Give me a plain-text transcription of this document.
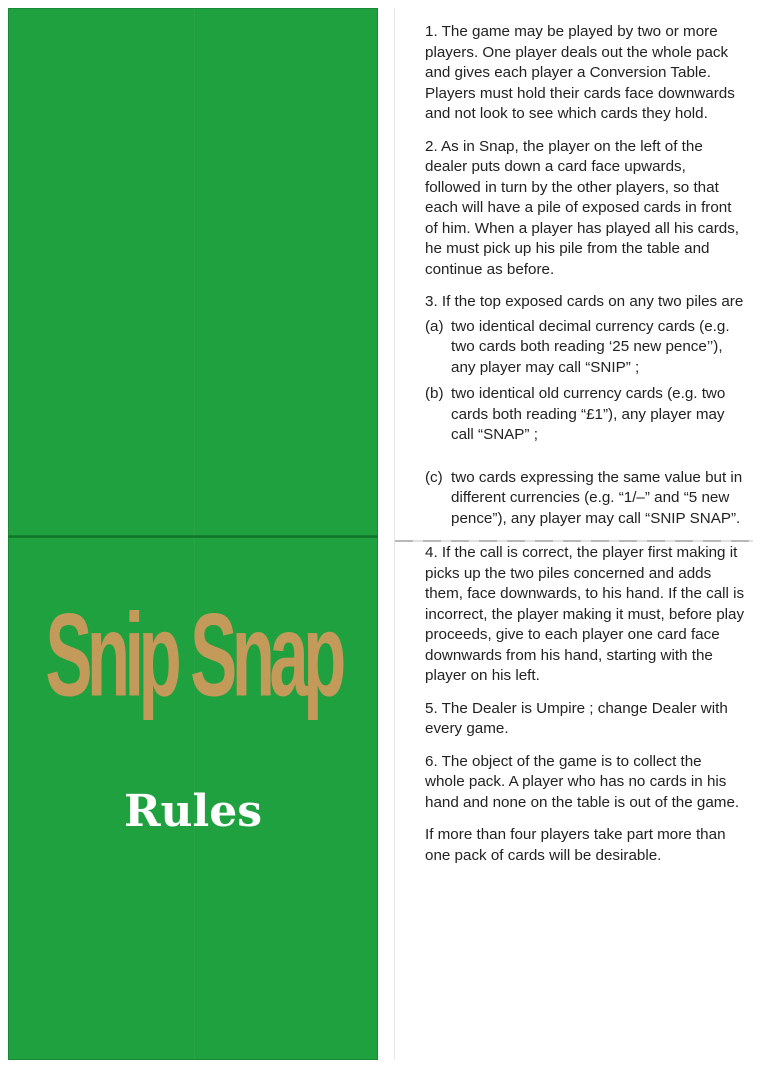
Snip Snap
Rules

1. The game may be played by two or more players. One player deals out the whole pack and gives each player a Conversion Table. Players must hold their cards face downwards and not look to see which cards they hold.

2. As in Snap, the player on the left of the dealer puts down a card face upwards, followed in turn by the other players, so that each will have a pile of exposed cards in front of him. When a player has played all his cards, he must pick up his pile from the table and continue as before.

3. If the top exposed cards on any two piles are

(a) two identical decimal currency cards (e.g. two cards both reading ‘25 new pence’’), any player may call “SNIP” ;
(b) two identical old currency cards (e.g. two cards both reading “£1”), any player may call “SNAP” ;
(c) two cards expressing the same value but in different currencies (e.g. “1/–” and “5 new pence”), any player may call “SNIP SNAP”.

4. If the call is correct, the player first making it picks up the two piles concerned and adds them, face downwards, to his hand. If the call is incorrect, the player making it must, before play proceeds, give to each player one card face downwards from his hand, starting with the player on his left.

5. The Dealer is Umpire ; change Dealer with every game.

6. The object of the game is to collect the whole pack. A player who has no cards in his hand and none on the table is out of the game.

If more than four players take part more than one pack of cards will be desirable.
